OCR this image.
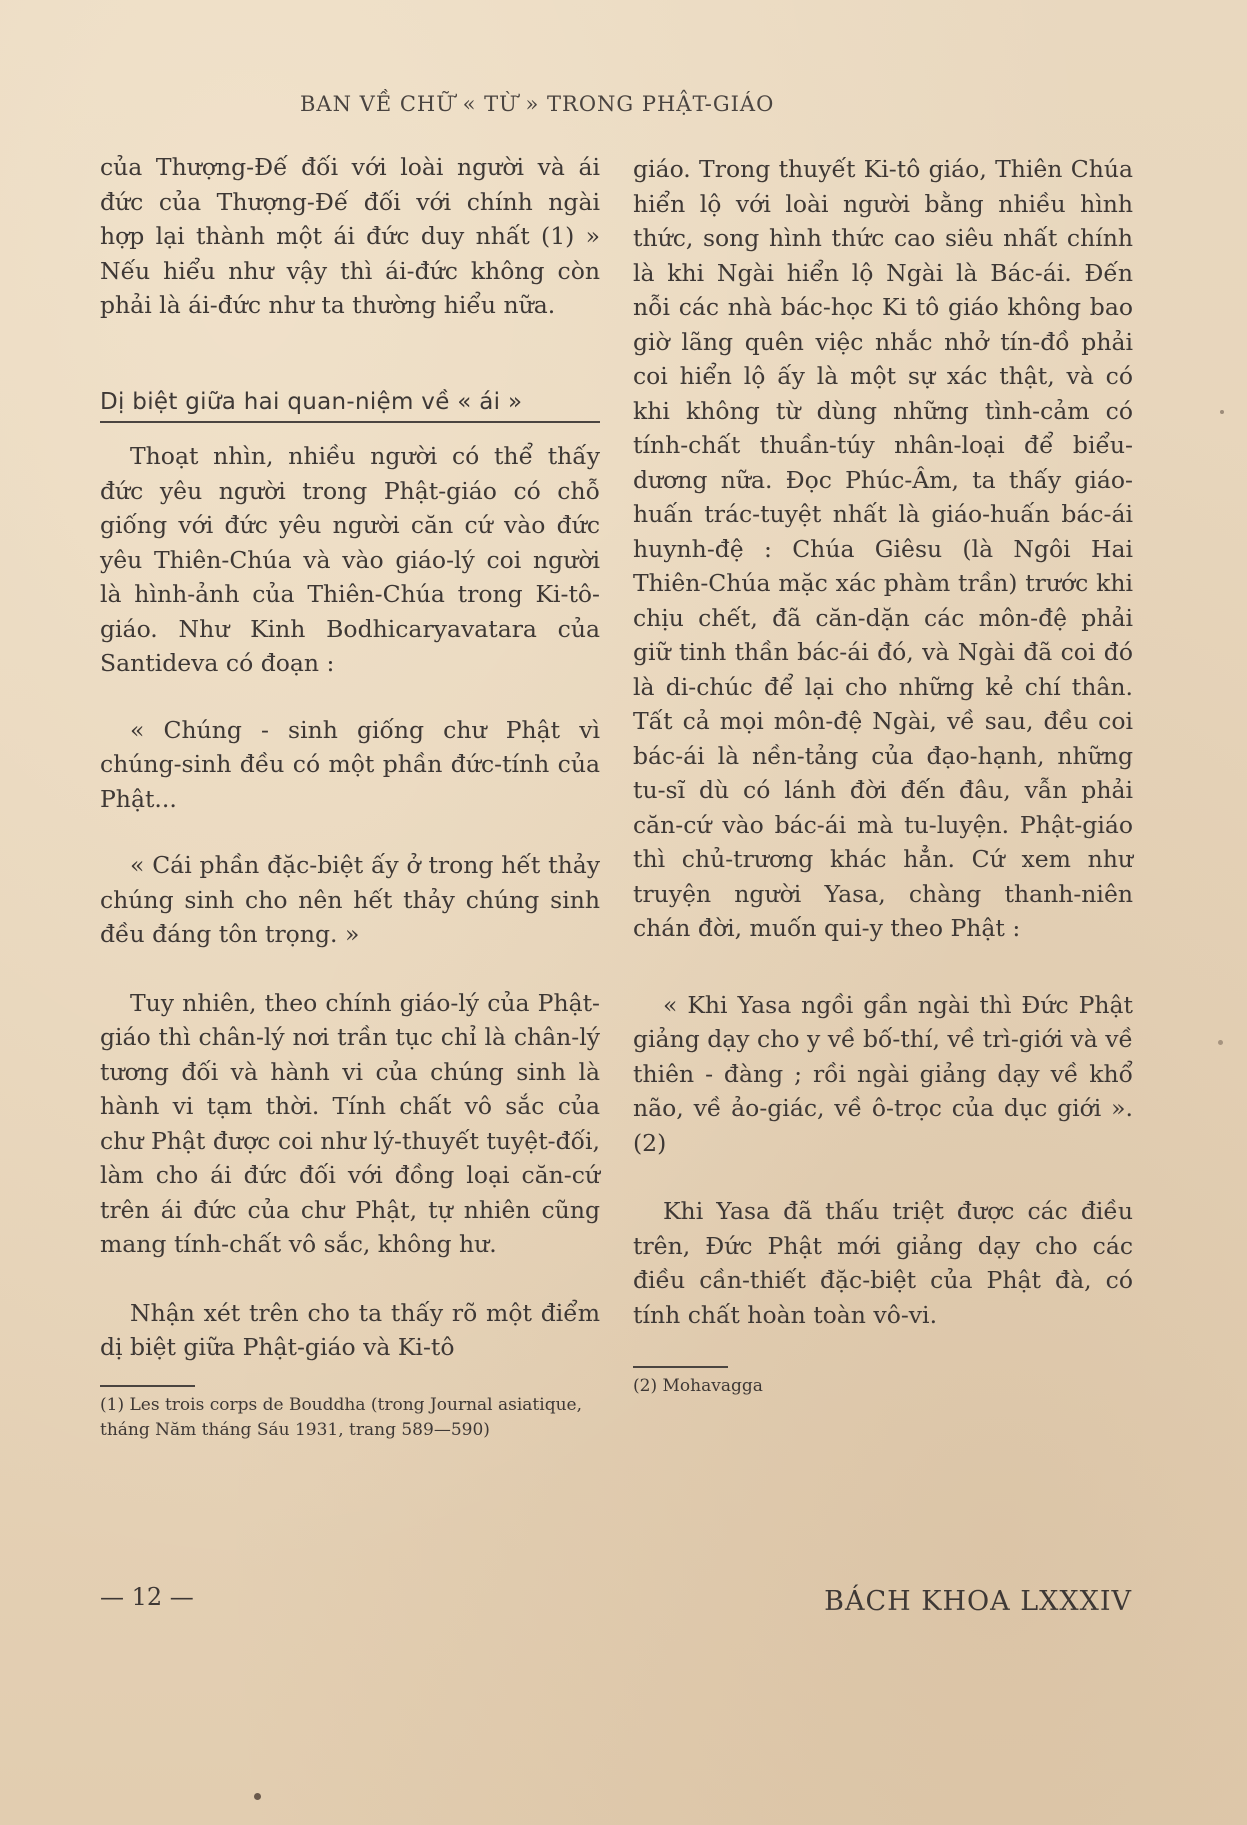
BAN VỀ CHỮ « TỪ » TRONG PHẬT-GIÁO

của Thượng-Đế đối với loài người và ái đức của Thượng-Đế đối với chính ngài hợp lại thành một ái đức duy nhất (1) » Nếu hiểu như vậy thì ái-đức không còn phải là ái-đức như ta thường hiểu nữa.

Dị biệt giữa hai quan-niệm về « ái »

Thoạt nhìn, nhiều người có thể thấy đức yêu người trong Phật-giáo có chỗ giống với đức yêu người căn cứ vào đức yêu Thiên-Chúa và vào giáo-lý coi người là hình-ảnh của Thiên-Chúa trong Ki-tô-giáo. Như Kinh Bodhicaryavatara của Santideva có đoạn :

« Chúng - sinh giống chư Phật vì chúng-sinh đều có một phần đức-tính của Phật...

« Cái phần đặc-biệt ấy ở trong hết thảy chúng sinh cho nên hết thảy chúng sinh đều đáng tôn trọng. »

Tuy nhiên, theo chính giáo-lý của Phật-giáo thì chân-lý nơi trần tục chỉ là chân-lý tương đối và hành vi của chúng sinh là hành vi tạm thời. Tính chất vô sắc của chư Phật được coi như lý-thuyết tuyệt-đối, làm cho ái đức đối với đồng loại căn-cứ trên ái đức của chư Phật, tự nhiên cũng mang tính-chất vô sắc, không hư.

Nhận xét trên cho ta thấy rõ một điểm dị biệt giữa Phật-giáo và Ki-tô

(1) Les trois corps de Bouddha (trong Journal asiatique, tháng Năm tháng Sáu 1931, trang 589—590)

giáo. Trong thuyết Ki-tô giáo, Thiên Chúa hiển lộ với loài người bằng nhiều hình thức, song hình thức cao siêu nhất chính là khi Ngài hiển lộ Ngài là Bác-ái. Đến nỗi các nhà bác-học Ki tô giáo không bao giờ lãng quên việc nhắc nhở tín-đồ phải coi hiển lộ ấy là một sự xác thật, và có khi không từ dùng những tình-cảm có tính-chất thuần-túy nhân-loại để biểu-dương nữa. Đọc Phúc-Âm, ta thấy giáo-huấn trác-tuyệt nhất là giáo-huấn bác-ái huynh-đệ : Chúa Giêsu (là Ngôi Hai Thiên-Chúa mặc xác phàm trần) trước khi chịu chết, đã căn-dặn các môn-đệ phải giữ tinh thần bác-ái đó, và Ngài đã coi đó là di-chúc để lại cho những kẻ chí thân. Tất cả mọi môn-đệ Ngài, về sau, đều coi bác-ái là nền-tảng của đạo-hạnh, những tu-sĩ dù có lánh đời đến đâu, vẫn phải căn-cứ vào bác-ái mà tu-luyện. Phật-giáo thì chủ-trương khác hẳn. Cứ xem như truyện người Yasa, chàng thanh-niên chán đời, muốn qui-y theo Phật :

« Khi Yasa ngồi gần ngài thì Đức Phật giảng dạy cho y về bố-thí, về trì-giới và về thiên - đàng ; rồi ngài giảng dạy về khổ não, về ảo-giác, về ô-trọc của dục giới ». (2)

Khi Yasa đã thấu triệt được các điều trên, Đức Phật mới giảng dạy cho các điều cần-thiết đặc-biệt của Phật đà, có tính chất hoàn toàn vô-vi.

(2) Mohavagga

— 12 —	BÁCH KHOA LXXXIV
